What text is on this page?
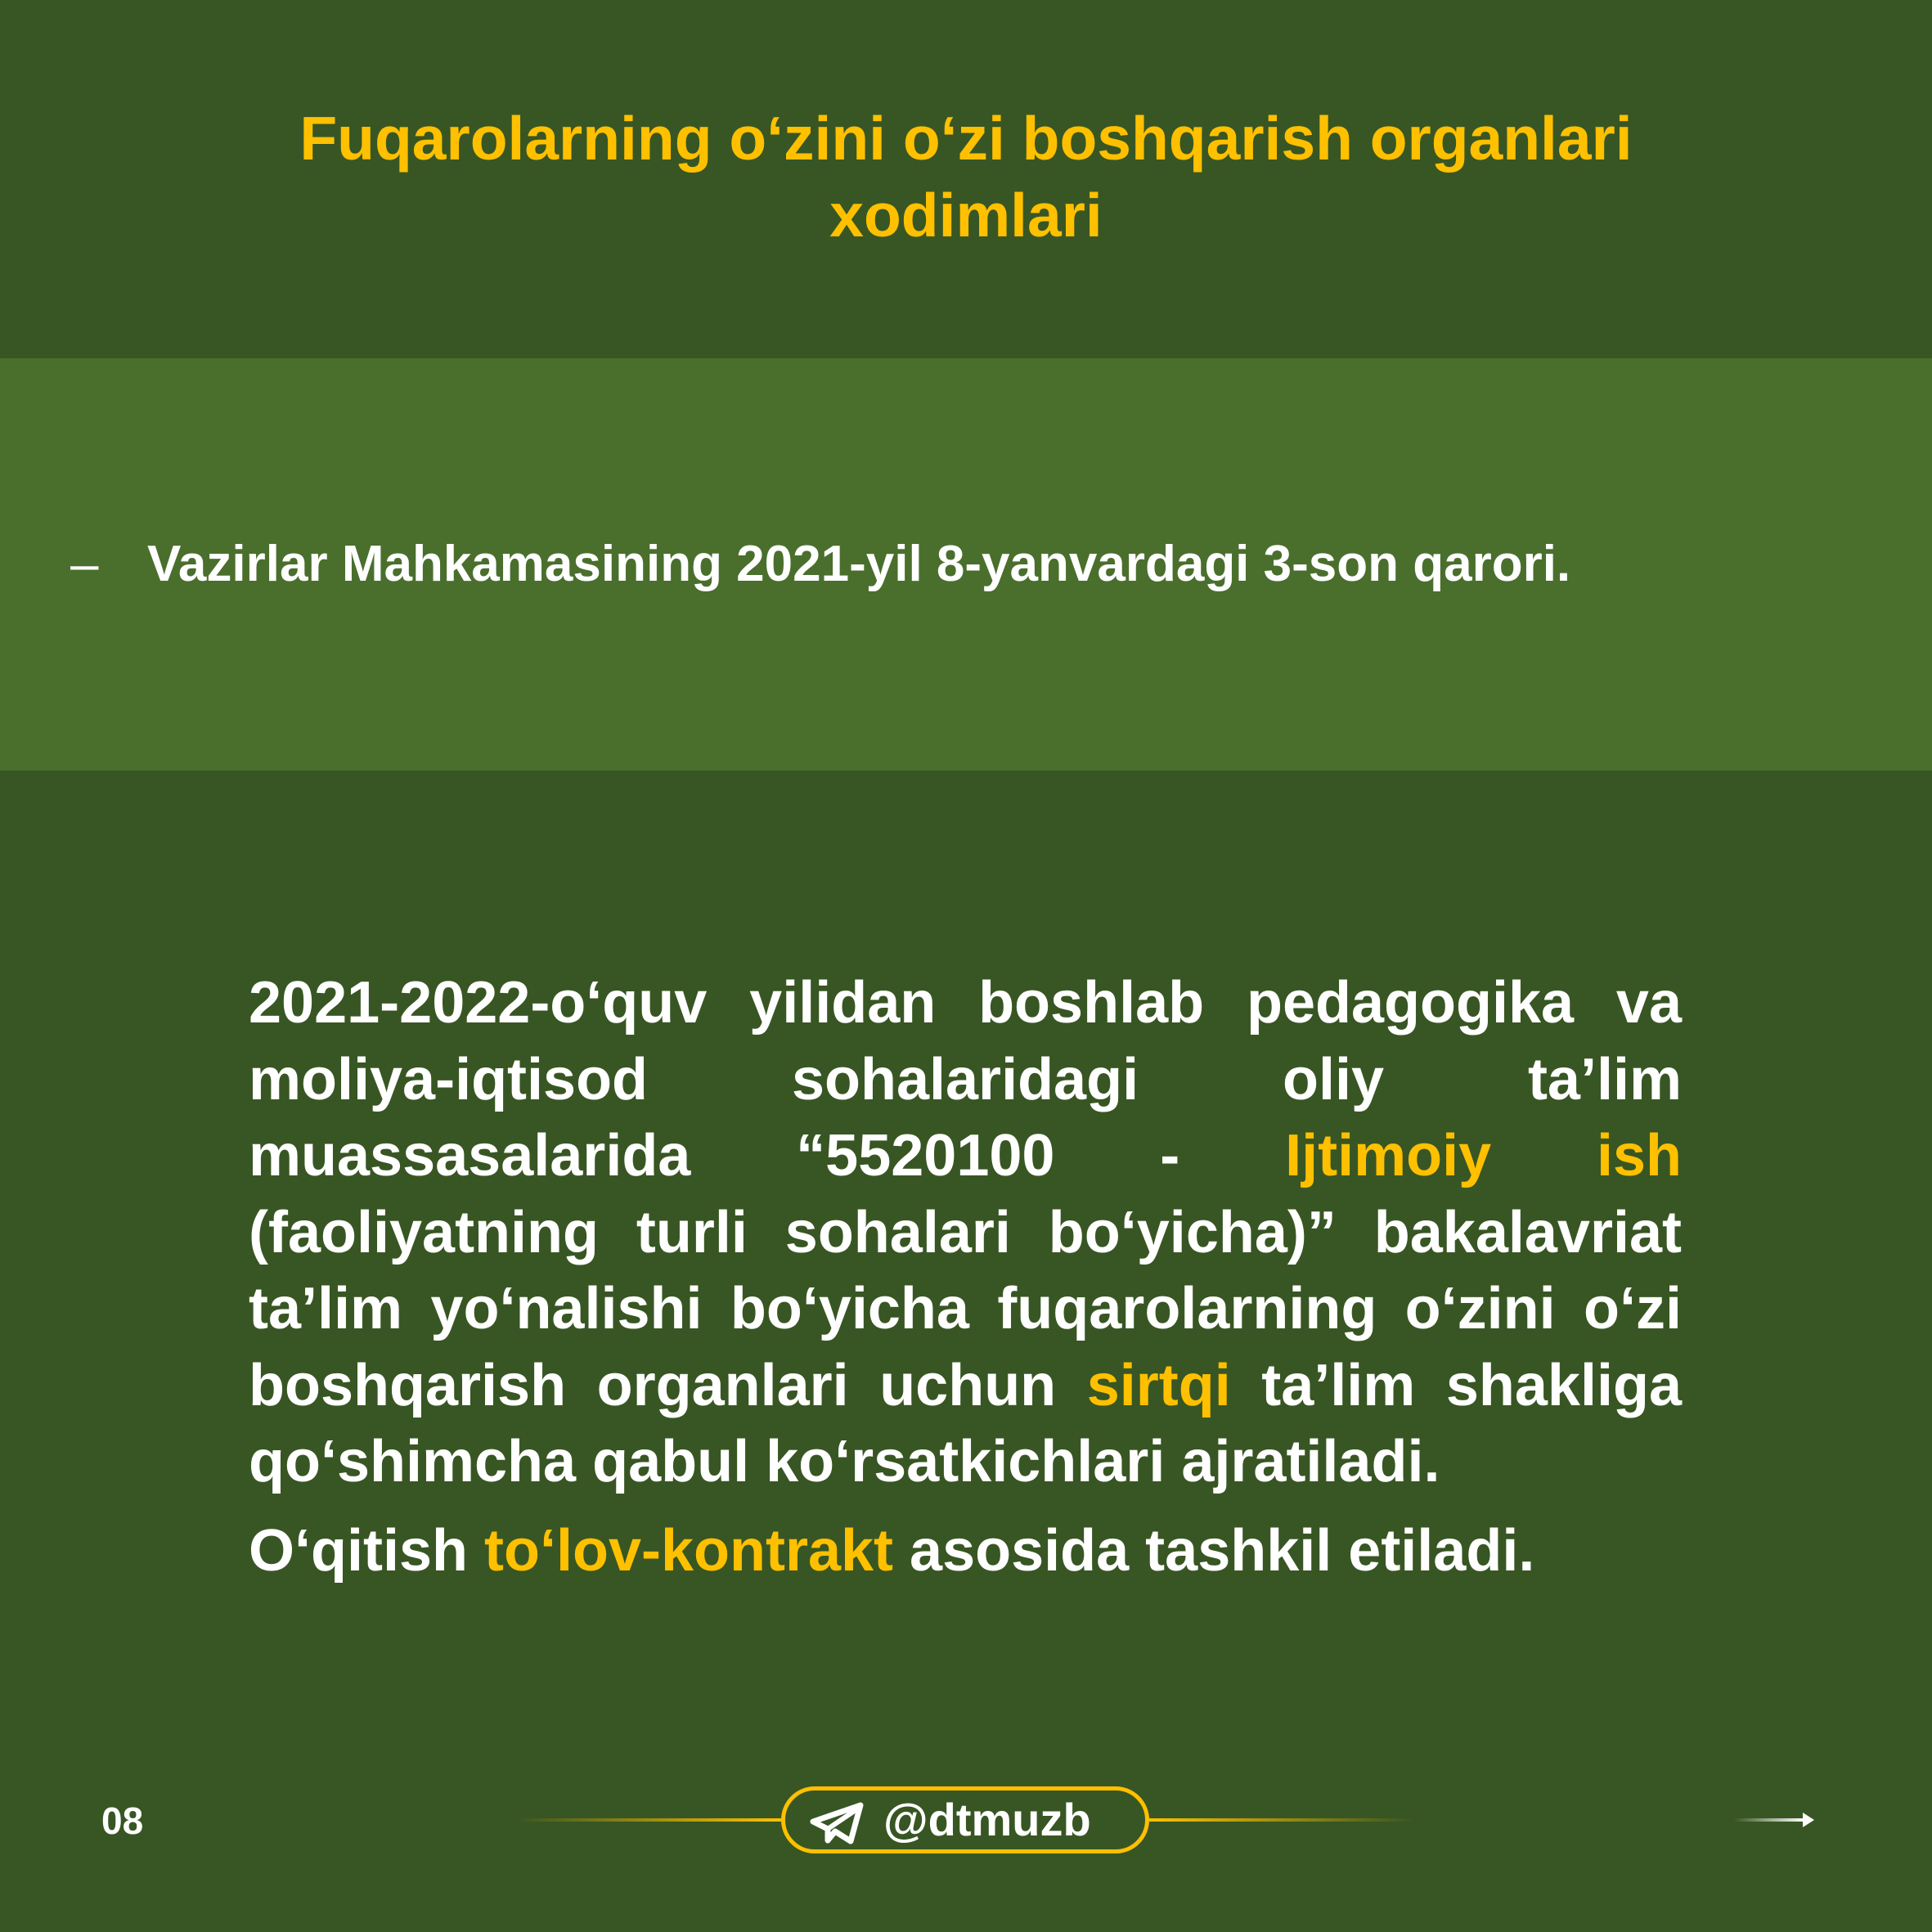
Fuqarolarning o‘zini o‘zi boshqarish organlari xodimlari
– Vazirlar Mahkamasining 2021-yil 8-yanvardagi 3-son qarori.

2021-2022-o‘quv yilidan boshlab pedagogika va moliya-iqtisod sohalaridagi oliy ta’lim muassasalarida “5520100 - Ijtimoiy ish (faoliyatning turli sohalari bo‘yicha)” bakalavriat ta’lim yo‘nalishi bo‘yicha fuqarolarning o‘zini o‘zi boshqarish organlari uchun sirtqi ta’lim shakliga qo‘shimcha qabul ko‘rsatkichlari ajratiladi.

O‘qitish to‘lov-kontrakt asosida tashkil etiladi.

08	@dtmuzb
